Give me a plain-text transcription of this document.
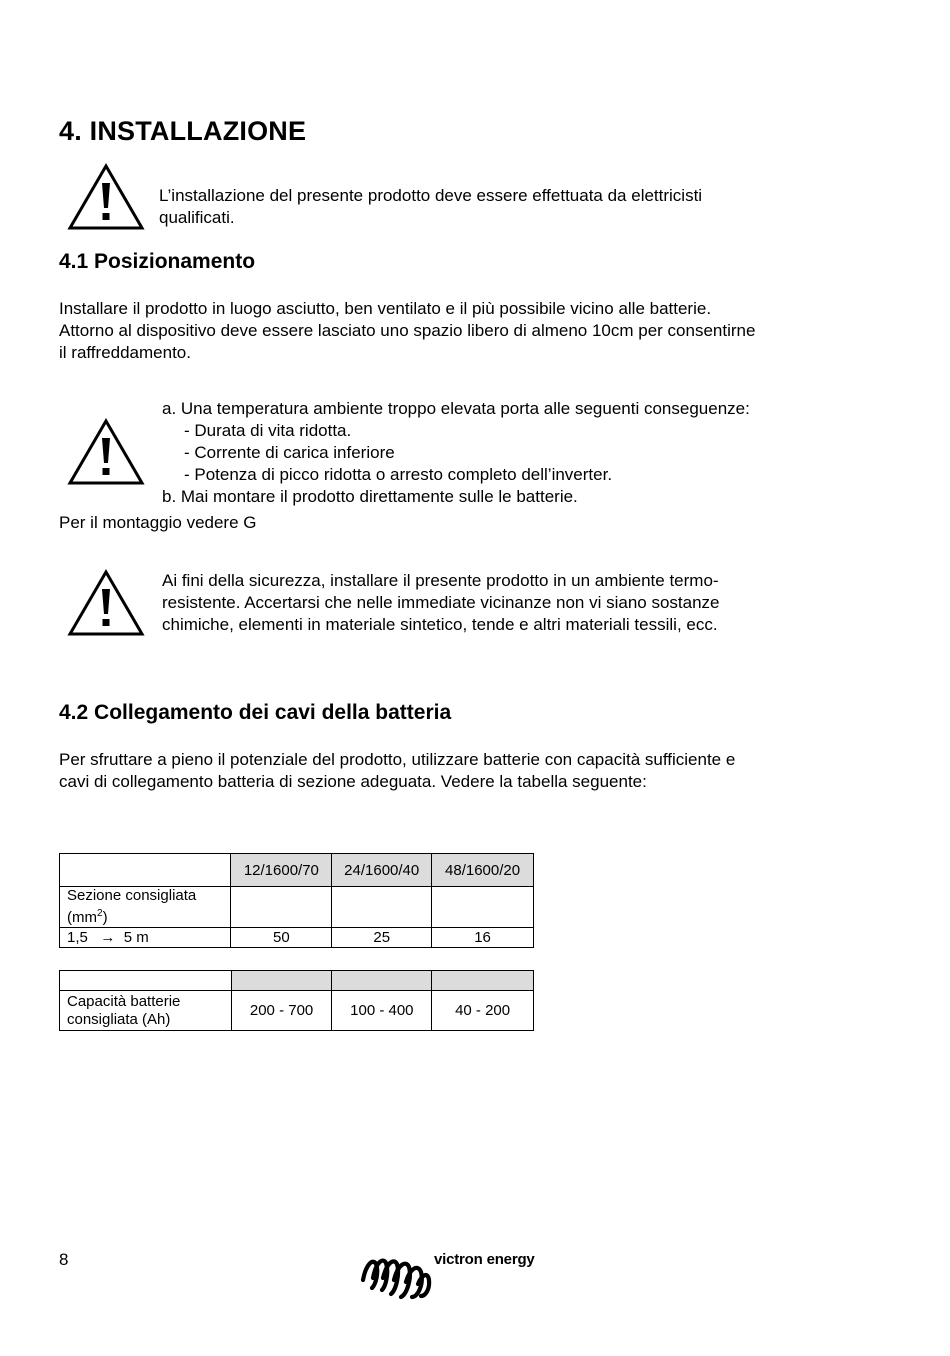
4. INSTALLAZIONE
L’installazione del presente prodotto deve essere effettuata da elettricisti
qualificati.
4.1 Posizionamento
Installare il prodotto in luogo asciutto, ben ventilato e il più possibile vicino alle batterie.
Attorno al dispositivo deve essere lasciato uno spazio libero di almeno 10cm per consentirne
il raffreddamento.
a. Una temperatura ambiente troppo elevata porta alle seguenti conseguenze:
- Durata di vita ridotta.
- Corrente di carica inferiore
- Potenza di picco ridotta o arresto completo dell’inverter.
b. Mai montare il prodotto direttamente sulle le batterie.
Per il montaggio vedere G
Ai fini della sicurezza, installare il presente prodotto in un ambiente termo-
resistente. Accertarsi che nelle immediate vicinanze non vi siano sostanze
chimiche, elementi in materiale sintetico, tende e altri materiali tessili, ecc.
4.2 Collegamento dei cavi della batteria
Per sfruttare a pieno il potenziale del prodotto, utilizzare batterie con capacità sufficiente e
cavi di collegamento batteria di sezione adeguata. Vedere la tabella seguente:
	12/1600/70	24/1600/40	48/1600/20

Sezione consigliata
$(mm^2)$			

1,5 → 5 m	50	25	16

Capacità batterie
consigliata (Ah)	200 - 700	100 - 400	40 - 200
8	victron energy
